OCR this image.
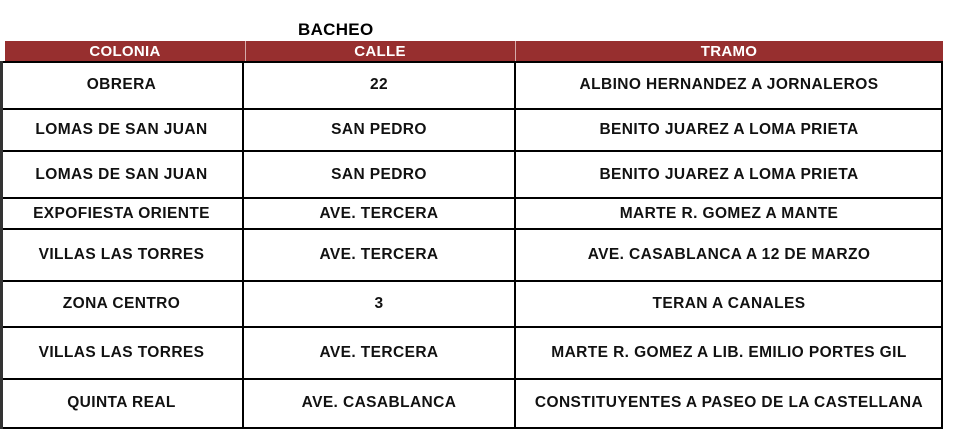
BACHEO
COLONIA	CALLE	TRAMO
OBRERA	22	ALBINO HERNANDEZ A JORNALEROS
LOMAS DE SAN JUAN	SAN PEDRO	BENITO JUAREZ A LOMA PRIETA
LOMAS DE SAN JUAN	SAN PEDRO	BENITO JUAREZ A LOMA PRIETA
EXPOFIESTA ORIENTE	AVE. TERCERA	MARTE R. GOMEZ A MANTE
VILLAS LAS TORRES	AVE. TERCERA	AVE. CASABLANCA A 12 DE MARZO
ZONA CENTRO	3	TERAN A CANALES
VILLAS LAS TORRES	AVE. TERCERA	MARTE R. GOMEZ A LIB. EMILIO PORTES GIL
QUINTA REAL	AVE. CASABLANCA	CONSTITUYENTES A PASEO DE LA CASTELLANA
